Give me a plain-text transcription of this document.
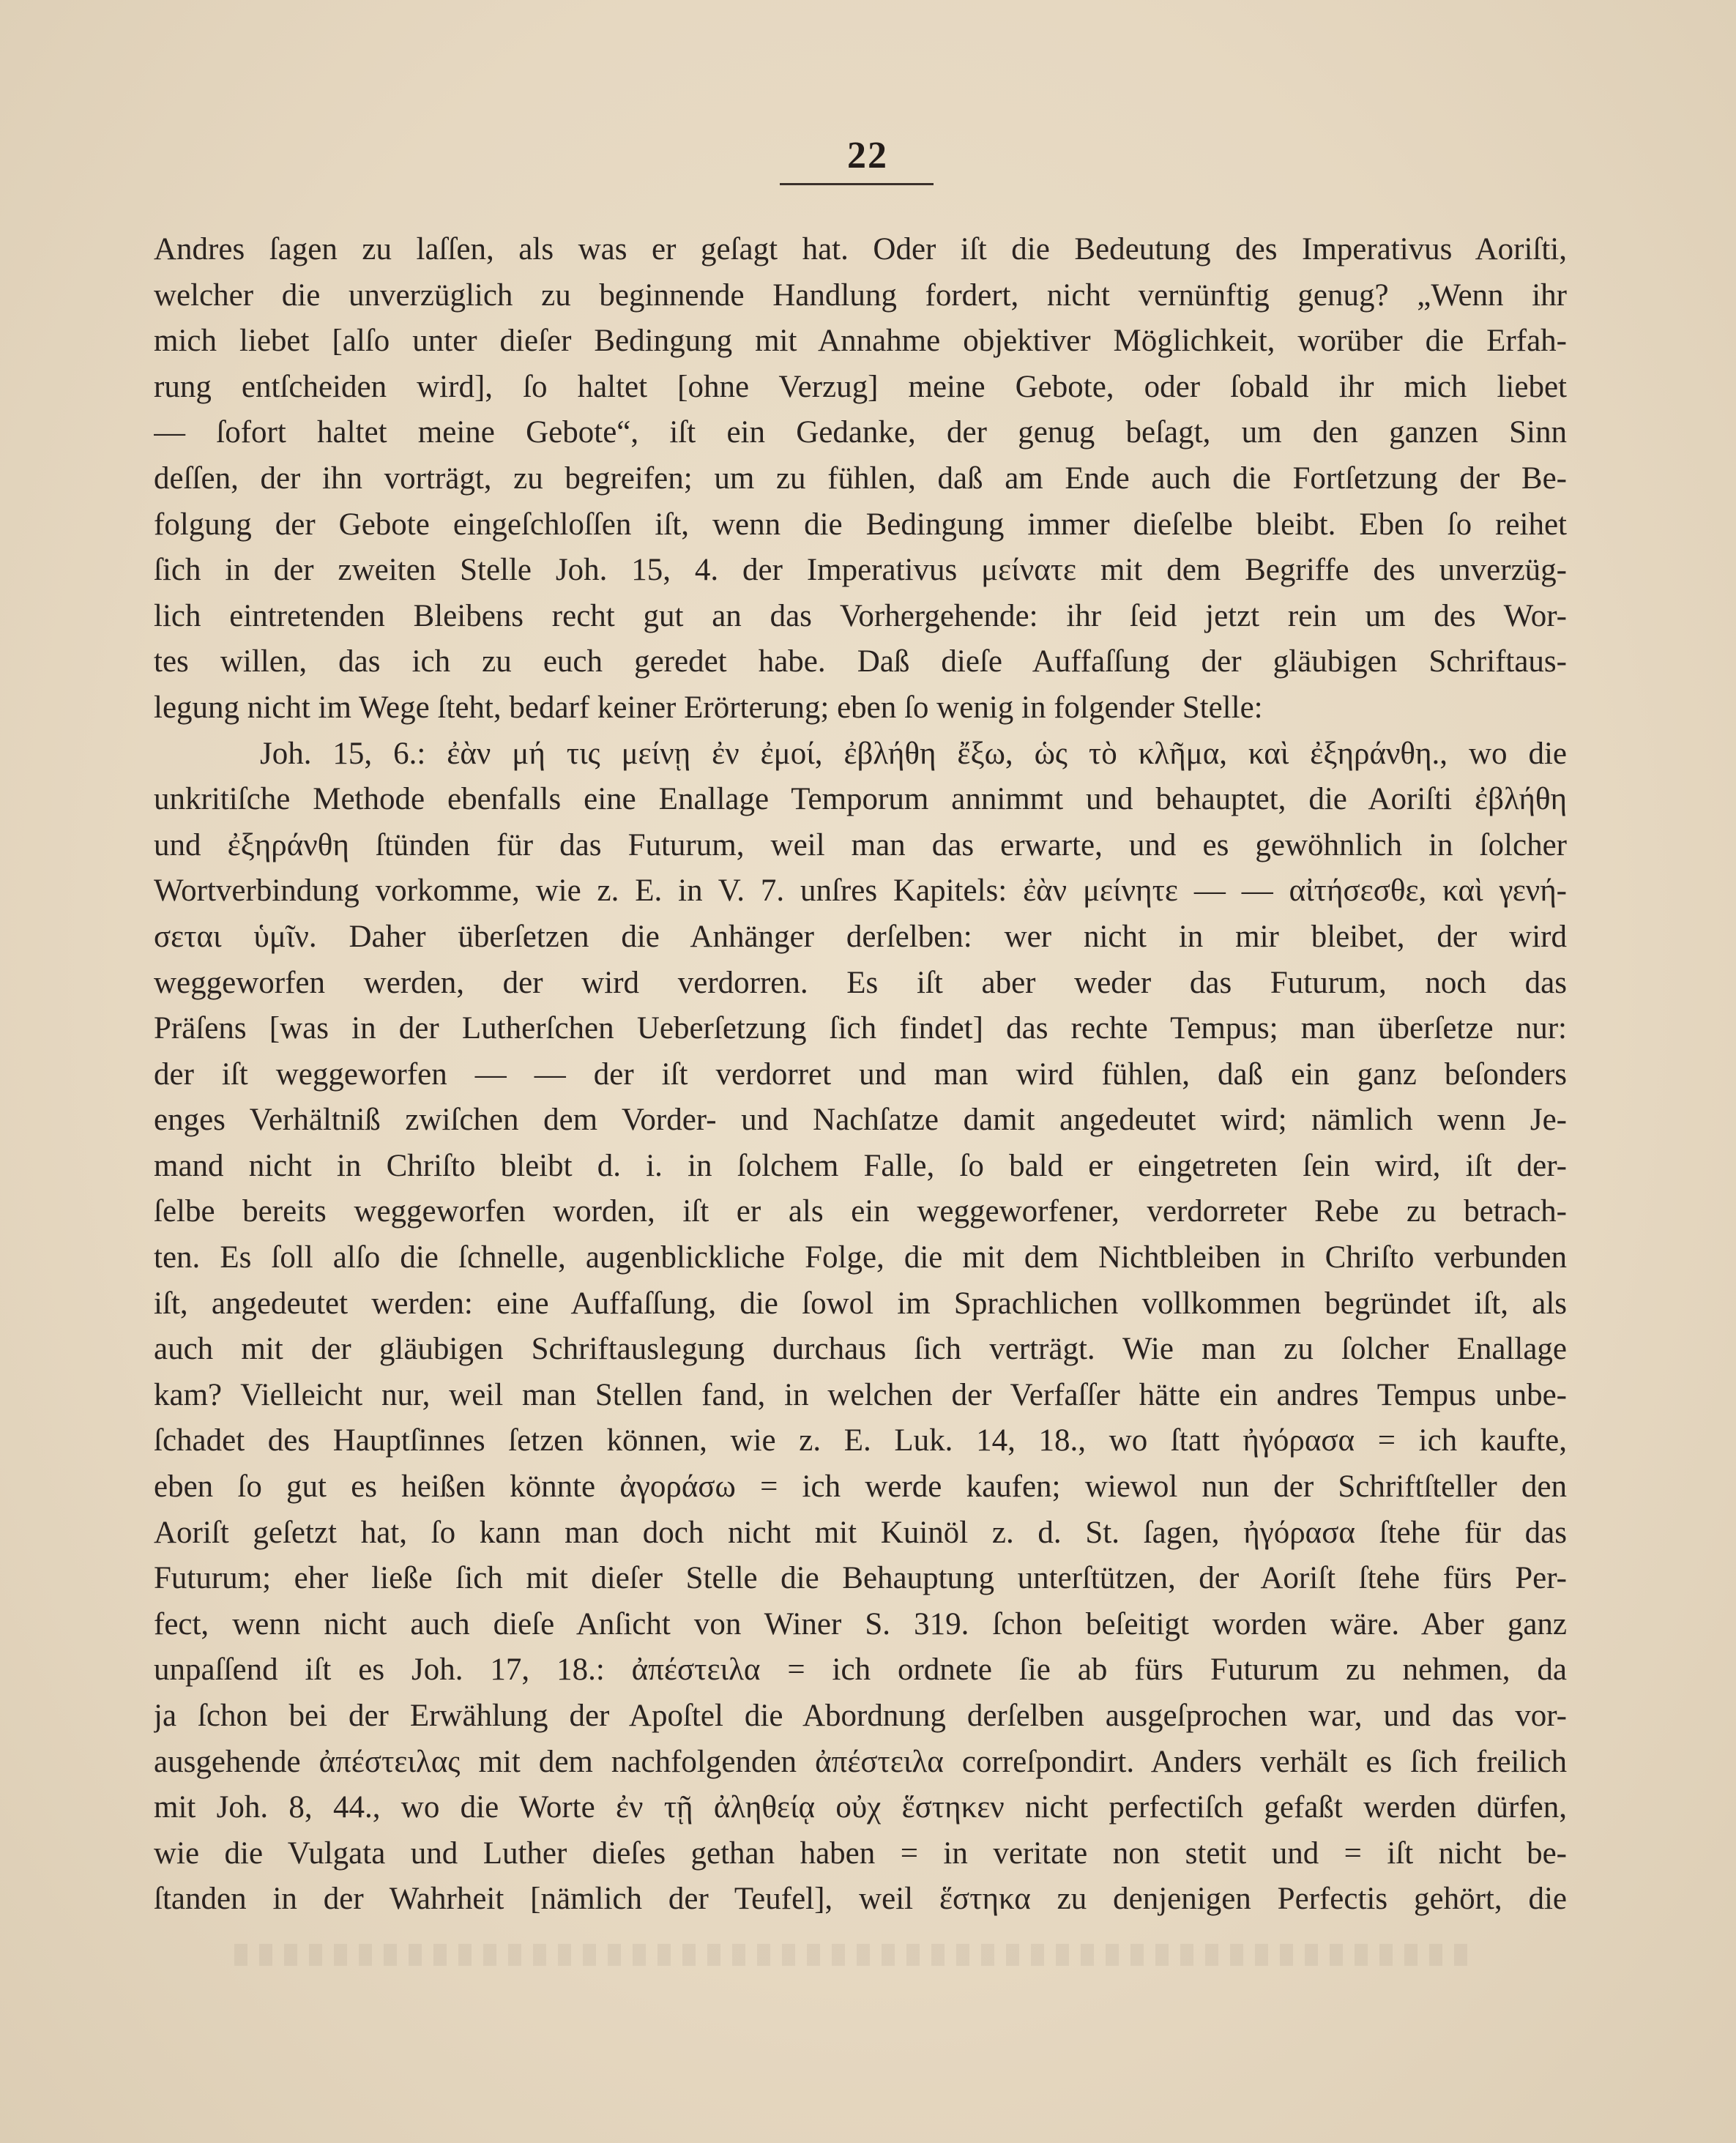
22
Andres ſagen zu laſſen, als was er geſagt hat. Oder iſt die Bedeutung des Imperativus Aoriſti,
welcher die unverzüglich zu beginnende Handlung fordert, nicht vernünftig genug? „Wenn ihr
mich liebet [alſo unter dieſer Bedingung mit Annahme objektiver Möglichkeit, worüber die Erfah-
rung entſcheiden wird], ſo haltet [ohne Verzug] meine Gebote, oder ſobald ihr mich liebet
— ſofort haltet meine Gebote“, iſt ein Gedanke, der genug beſagt, um den ganzen Sinn
deſſen, der ihn vorträgt, zu begreifen; um zu fühlen, daß am Ende auch die Fortſetzung der Be-
folgung der Gebote eingeſchloſſen iſt, wenn die Bedingung immer dieſelbe bleibt. Eben ſo reihet
ſich in der zweiten Stelle Joh. 15, 4. der Imperativus μείνατε mit dem Begriffe des unverzüg-
lich eintretenden Bleibens recht gut an das Vorhergehende: ihr ſeid jetzt rein um des Wor-
tes willen, das ich zu euch geredet habe. Daß dieſe Auffaſſung der gläubigen Schriftaus-
legung nicht im Wege ſteht, bedarf keiner Erörterung; eben ſo wenig in folgender Stelle:
Joh. 15, 6.: ἐὰν μή τις μείνῃ ἐν ἐμοί, ἐβλήθη ἔξω, ὡς τὸ κλῆμα, καὶ ἐξηράνθη., wo die
unkritiſche Methode ebenfalls eine Enallage Temporum annimmt und behauptet, die Aoriſti ἐβλήθη
und ἐξηράνθη ſtünden für das Futurum, weil man das erwarte, und es gewöhnlich in ſolcher
Wortverbindung vorkomme, wie z. E. in V. 7. unſres Kapitels: ἐὰν μείνητε — — αἰτήσεσθε, καὶ γενή-
σεται ὑμῖν. Daher überſetzen die Anhänger derſelben: wer nicht in mir bleibet, der wird
weggeworfen werden, der wird verdorren. Es iſt aber weder das Futurum, noch das
Präſens [was in der Lutherſchen Ueberſetzung ſich findet] das rechte Tempus; man überſetze nur:
der iſt weggeworfen — — der iſt verdorret und man wird fühlen, daß ein ganz beſonders
enges Verhältniß zwiſchen dem Vorder- und Nachſatze damit angedeutet wird; nämlich wenn Je-
mand nicht in Chriſto bleibt d. i. in ſolchem Falle, ſo bald er eingetreten ſein wird, iſt der-
ſelbe bereits weggeworfen worden, iſt er als ein weggeworfener, verdorreter Rebe zu betrach-
ten. Es ſoll alſo die ſchnelle, augenblickliche Folge, die mit dem Nichtbleiben in Chriſto verbunden
iſt, angedeutet werden: eine Auffaſſung, die ſowol im Sprachlichen vollkommen begründet iſt, als
auch mit der gläubigen Schriftauslegung durchaus ſich verträgt. Wie man zu ſolcher Enallage
kam? Vielleicht nur, weil man Stellen fand, in welchen der Verfaſſer hätte ein andres Tempus unbe-
ſchadet des Hauptſinnes ſetzen können, wie z. E. Luk. 14, 18., wo ſtatt ἠγόρασα = ich kaufte,
eben ſo gut es heißen könnte ἀγοράσω = ich werde kaufen; wiewol nun der Schriftſteller den
Aoriſt geſetzt hat, ſo kann man doch nicht mit Kuinöl z. d. St. ſagen, ἠγόρασα ſtehe für das
Futurum; eher ließe ſich mit dieſer Stelle die Behauptung unterſtützen, der Aoriſt ſtehe fürs Per-
fect, wenn nicht auch dieſe Anſicht von Winer S. 319. ſchon beſeitigt worden wäre. Aber ganz
unpaſſend iſt es Joh. 17, 18.: ἀπέστειλα = ich ordnete ſie ab fürs Futurum zu nehmen, da
ja ſchon bei der Erwählung der Apoſtel die Abordnung derſelben ausgeſprochen war, und das vor-
ausgehende ἀπέστειλας mit dem nachfolgenden ἀπέστειλα correſpondirt. Anders verhält es ſich freilich
mit Joh. 8, 44., wo die Worte ἐν τῇ ἀληθείᾳ οὐχ ἕστηκεν nicht perfectiſch gefaßt werden dürfen,
wie die Vulgata und Luther dieſes gethan haben = in veritate non stetit und = iſt nicht be-
ſtanden in der Wahrheit [nämlich der Teufel], weil ἕστηκα zu denjenigen Perfectis gehört, die
